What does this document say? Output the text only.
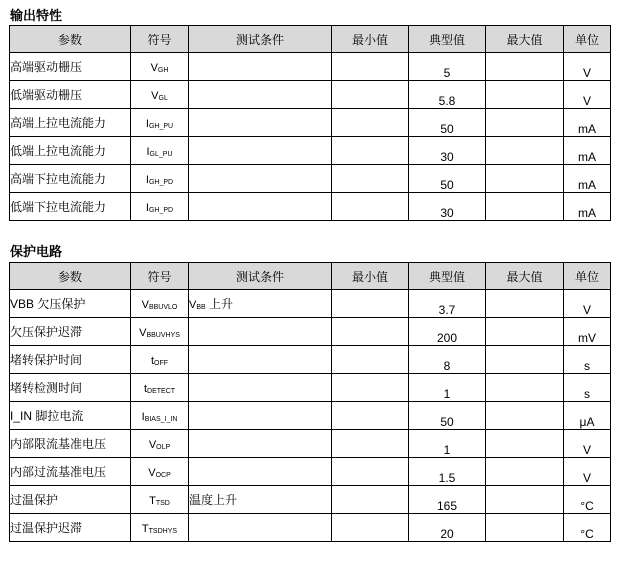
输出特性
参数	符号	测试条件	最小值	典型值	最大值	单位
高端驱动栅压	VGH			5		V
低端驱动栅压	VGL			5.8		V
高端上拉电流能力	IGH_PU			50		mA
低端上拉电流能力	IGL_PU			30		mA
高端下拉电流能力	IGH_PD			50		mA
低端下拉电流能力	IGH_PD			30		mA
保护电路
参数	符号	测试条件	最小值	典型值	最大值	单位
VBB 欠压保护	VBBUVLO	VBB 上升		3.7		V
欠压保护迟滞	VBBUVHYS			200		mV
堵转保护时间	tOFF			8		s
堵转检测时间	tDETECT			1		s
I_IN 脚拉电流	IBIAS_I_IN			50		μA
内部限流基准电压	VOLP			1		V
内部过流基准电压	VOCP			1.5		V
过温保护	TTSD	温度上升		165		°C
过温保护迟滞	TTSDHYS			20		°C
